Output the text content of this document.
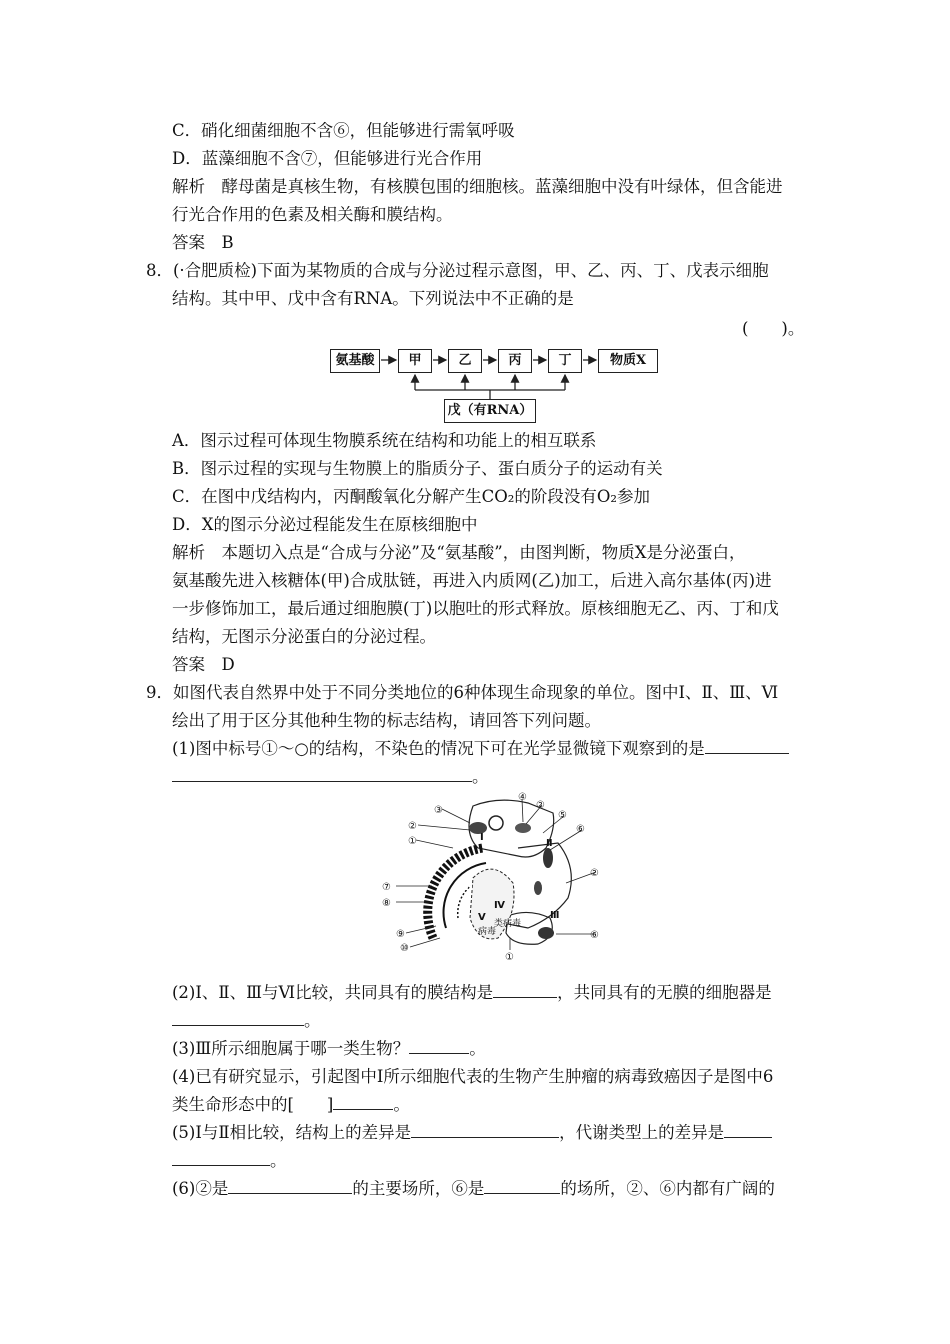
C．硝化细菌细胞不含⑥，但能够进行需氧呼吸
D．蓝藻细胞不含⑦，但能够进行光合作用
解析　酵母菌是真核生物，有核膜包围的细胞核。蓝藻细胞中没有叶绿体，但含能进
行光合作用的色素及相关酶和膜结构。
答案　B
8．(·合肥质检)下面为某物质的合成与分泌过程示意图，甲、乙、丙、丁、戊表示细胞
结构。其中甲、戊中含有RNA。下列说法中不正确的是
(　　)。
氨基酸	甲	乙	丙	丁	物质X
戊（有RNA）
A．图示过程可体现生物膜系统在结构和功能上的相互联系
B．图示过程的实现与生物膜上的脂质分子、蛋白质分子的运动有关
C．在图中戊结构内，丙酮酸氧化分解产生CO₂的阶段没有O₂参加
D．X的图示分泌过程能发生在原核细胞中
解析　本题切入点是“合成与分泌”及“氨基酸”，由图判断，物质X是分泌蛋白，
氨基酸先进入核糖体(甲)合成肽链，再进入内质网(乙)加工，后进入高尔基体(丙)进
一步修饰加工，最后通过细胞膜(丁)以胞吐的形式释放。原核细胞无乙、丙、丁和戊
结构，无图示分泌蛋白的分泌过程。
答案　D
9．如图代表自然界中处于不同分类地位的6种体现生命现象的单位。图中Ⅰ、Ⅱ、Ⅲ、Ⅵ
绘出了用于区分其他种生物的标志结构，请回答下列问题。
(1)图中标号①～○的结构，不染色的情况下可在光学显微镜下观察到的是
。
③
②
①
④
②
⑤
⑥
②
⑦
⑧
⑨
⑩
⑥
①
Ⅰ
Ⅱ
Ⅲ
Ⅳ
Ⅴ
Ⅵ
病毒
类病毒
(2)Ⅰ、Ⅱ、Ⅲ与Ⅵ比较，共同具有的膜结构是	，共同具有的无膜的细胞器是
。
(3)Ⅲ所示细胞属于哪一类生物？	。
(4)已有研究显示，引起图中Ⅰ所示细胞代表的生物产生肿瘤的病毒致癌因子是图中6
类生命形态中的[　　]	。
(5)Ⅰ与Ⅱ相比较，结构上的差异是	，代谢类型上的差异是
。
(6)②是	的主要场所，⑥是	的场所，②、⑥内都有广阔的
